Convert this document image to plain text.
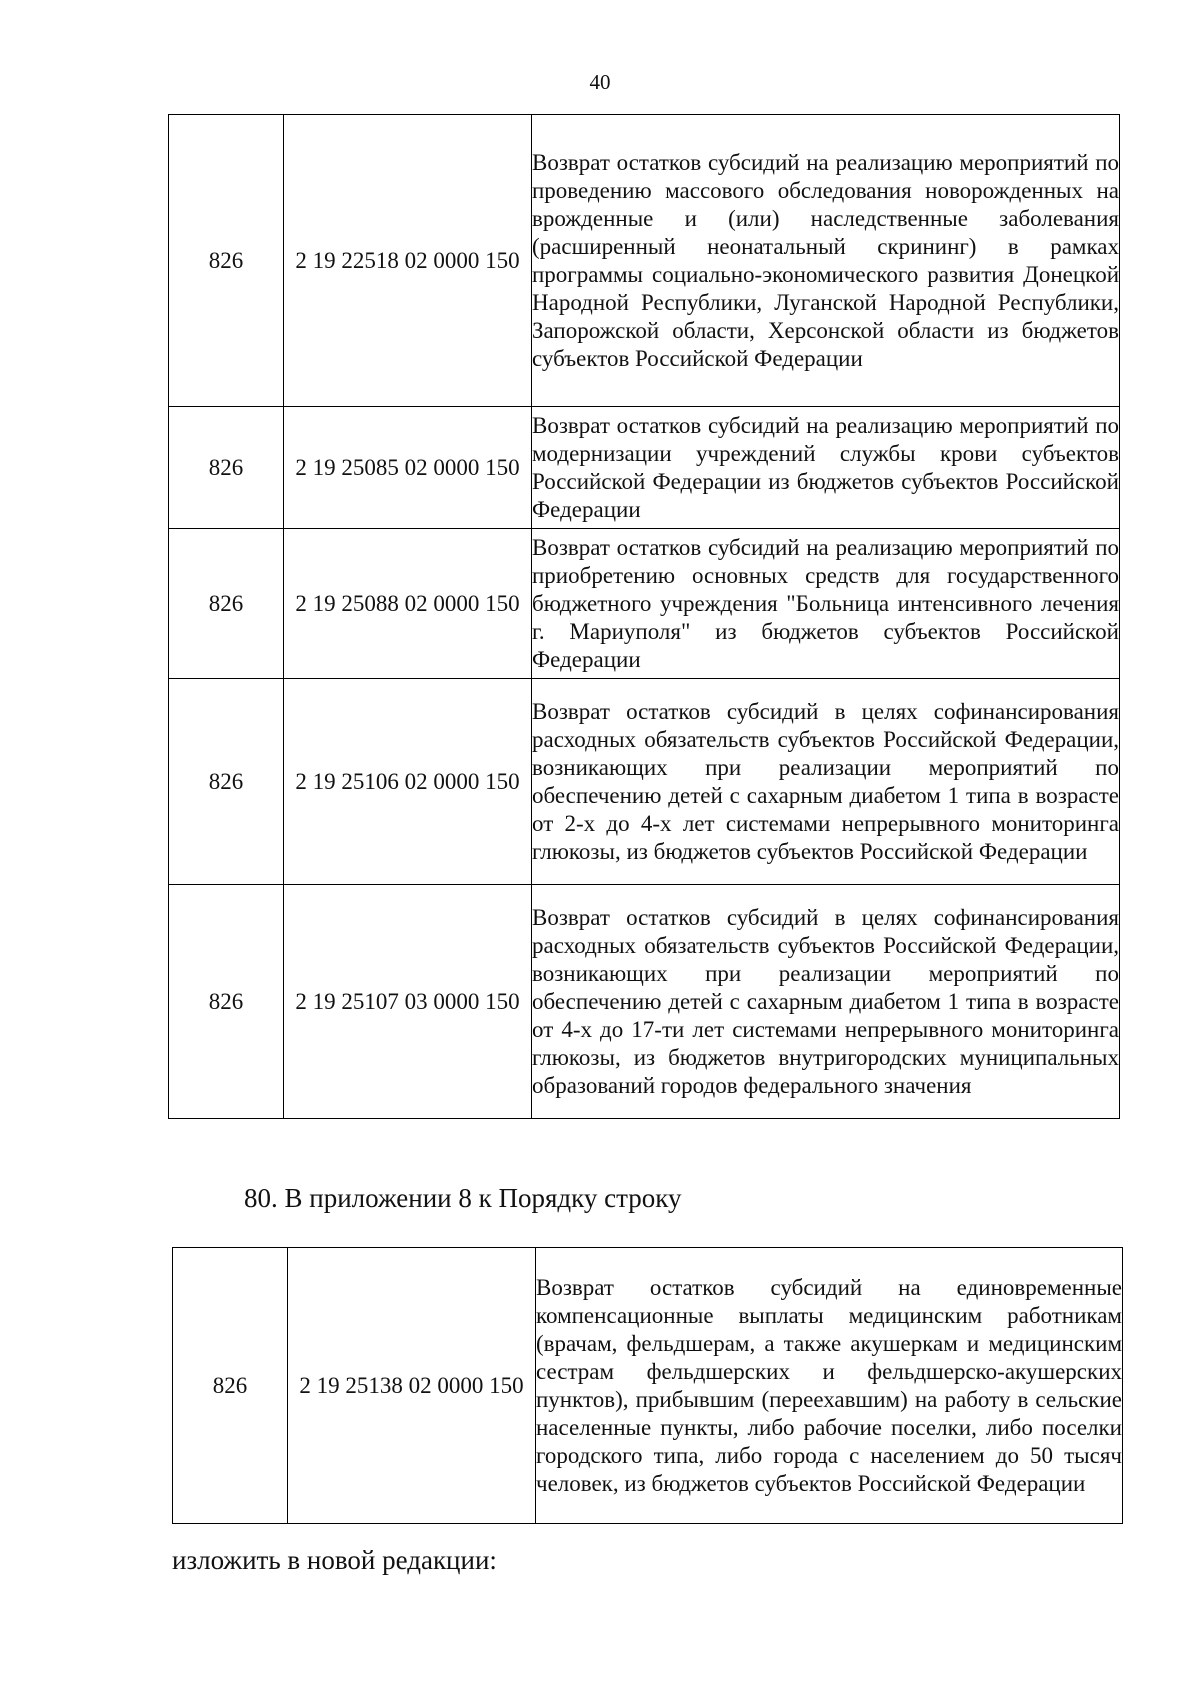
40
826	2 19 22518 02 0000 150	Возврат остатков субсидий на реализацию мероприятий по проведению массового обследования новорожденных на врожденные и (или) наследственные заболевания (расширенный неонатальный скрининг) в рамках программы социально-экономического развития Донецкой Народной Республики, Луганской Народной Республики, Запорожской области, Херсонской области из бюджетов субъектов Российской Федерации
826	2 19 25085 02 0000 150	Возврат остатков субсидий на реализацию мероприятий по модернизации учреждений службы крови субъектов Российской Федерации из бюджетов субъектов Российской Федерации
826	2 19 25088 02 0000 150	Возврат остатков субсидий на реализацию мероприятий по приобретению основных средств для государственного бюджетного учреждения "Больница интенсивного лечения г. Мариуполя" из бюджетов субъектов Российской Федерации
826	2 19 25106 02 0000 150	Возврат остатков субсидий в целях софинансирования расходных обязательств субъектов Российской Федерации, возникающих при реализации мероприятий по обеспечению детей с сахарным диабетом 1 типа в возрасте от 2-х до 4-х лет системами непрерывного мониторинга глюкозы, из бюджетов субъектов Российской Федерации
826	2 19 25107 03 0000 150	Возврат остатков субсидий в целях софинансирования расходных обязательств субъектов Российской Федерации, возникающих при реализации мероприятий по обеспечению детей с сахарным диабетом 1 типа в возрасте от 4-х до 17-ти лет системами непрерывного мониторинга глюкозы, из бюджетов внутригородских муниципальных образований городов федерального значения
80. В приложении 8 к Порядку строку
826	2 19 25138 02 0000 150	Возврат остатков субсидий на единовременные компенсационные выплаты медицинским работникам (врачам, фельдшерам, а также акушеркам и медицинским сестрам фельдшерских и фельдшерско-акушерских пунктов), прибывшим (переехавшим) на работу в сельские населенные пункты, либо рабочие поселки, либо поселки городского типа, либо города с населением до 50 тысяч человек, из бюджетов субъектов Российской Федерации
изложить в новой редакции:
